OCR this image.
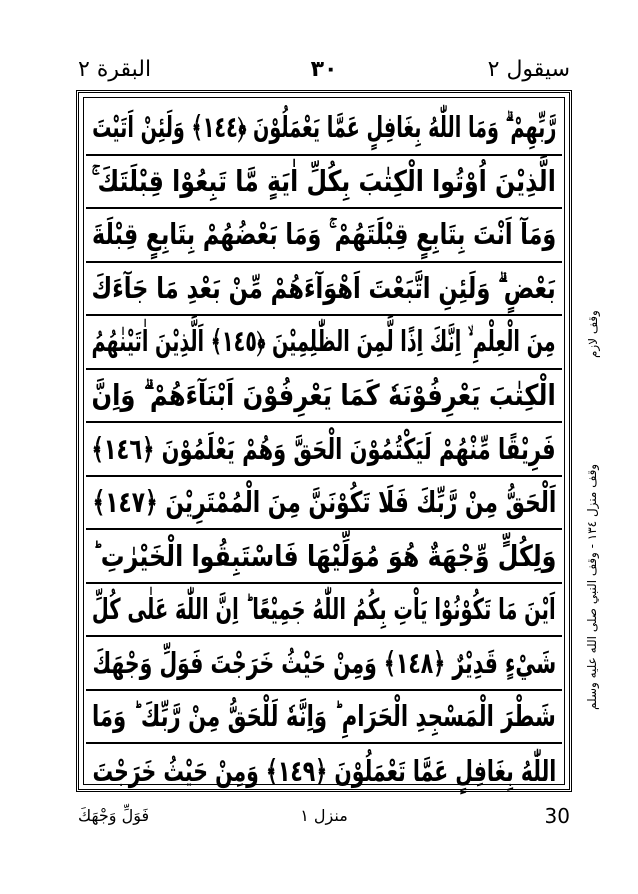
البقرة ٢	٣٠	سيقول ٢
رَّبِّهِمْ ۗ وَمَا اللّٰهُ بِغَافِلٍ عَمَّا يَعْمَلُوْنَ ﴿١٤٤﴾ وَلَئِنْ اَتَيْتَ
الَّذِيْنَ اُوْتُوا الْكِتٰبَ بِكُلِّ اٰيَةٍ مَّا تَبِعُوْا قِبْلَتَكَ ۚ
وَمَآ اَنْتَ بِتَابِعٍ قِبْلَتَهُمْ ۚ وَمَا بَعْضُهُمْ بِتَابِعٍ قِبْلَةَ
بَعْضٍ ۗ وَلَئِنِ اتَّبَعْتَ اَهْوَآءَهُمْ مِّنْ بَعْدِ مَا جَآءَكَ
مِنَ الْعِلْمِ ۙ اِنَّكَ اِذًا لَّمِنَ الظّٰلِمِيْنَ ﴿١٤٥﴾ اَلَّذِيْنَ اٰتَيْنٰهُمُ
الْكِتٰبَ يَعْرِفُوْنَهٗ كَمَا يَعْرِفُوْنَ اَبْنَآءَهُمْ ۗ وَاِنَّ
فَرِيْقًا مِّنْهُمْ لَيَكْتُمُوْنَ الْحَقَّ وَهُمْ يَعْلَمُوْنَ ﴿١٤٦﴾
اَلْحَقُّ مِنْ رَّبِّكَ فَلَا تَكُوْنَنَّ مِنَ الْمُمْتَرِيْنَ ﴿١٤٧﴾
وَلِكُلٍّ وِّجْهَةٌ هُوَ مُوَلِّيْهَا فَاسْتَبِقُوا الْخَيْرٰتِ ؕ
اَيْنَ مَا تَكُوْنُوْا يَاْتِ بِكُمُ اللّٰهُ جَمِيْعًا ؕ اِنَّ اللّٰهَ عَلٰى كُلِّ
شَيْءٍ قَدِيْرٌ ﴿١٤٨﴾ وَمِنْ حَيْثُ خَرَجْتَ فَوَلِّ وَجْهَكَ
شَطْرَ الْمَسْجِدِ الْحَرَامِ ؕ وَاِنَّهٗ لَلْحَقُّ مِنْ رَّبِّكَ ؕ وَمَا
اللّٰهُ بِغَافِلٍ عَمَّا تَعْمَلُوْنَ ﴿١٤٩﴾ وَمِنْ حَيْثُ خَرَجْتَ
وقف لازم
وقف منزل ١٣٤ - وقف النبي صلى الله عليه وسلم
فَوَلِّ وَجْهَكَ	منزل ١	30
